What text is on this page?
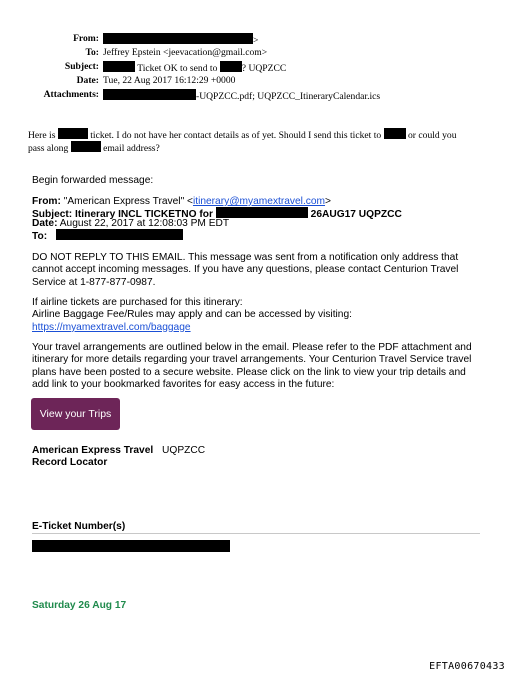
From:	>
To: Jeffrey Epstein <jeevacation@gmail.com>
Subject:	Ticket OK to send to	? UQPZCC
Date: Tue, 22 Aug 2017 16:12:29 +0000
Attachments:	-UQPZCC.pdf; UQPZCC_ItineraryCalendar.ics
Here is	ticket. I do not have her contact details as of yet. Should I send this ticket to	or could you
pass along	email address?
Begin forwarded message:
From: "American Express Travel" <itinerary@myamextravel.com>
Subject: Itinerary INCL TICKETNO for	26AUG17 UQPZCC
Date: August 22, 2017 at 12:08:03 PM EDT
To:
DO NOT REPLY TO THIS EMAIL. This message was sent from a notification only address that cannot accept incoming messages. If you have any questions, please contact Centurion Travel Service at 1-877-877-0987.
If airline tickets are purchased for this itinerary:
Airline Baggage Fee/Rules may apply and can be accessed by visiting:
https://myamextravel.com/baggage
Your travel arrangements are outlined below in the email. Please refer to the PDF attachment and itinerary for more details regarding your travel arrangements. Your Centurion Travel Service travel plans have been posted to a secure website. Please click on the link to view your trip details and add link to your bookmarked favorites for easy access in the future:
View your Trips
American Express Travel UQPZCC
Record Locator
E-Ticket Number(s)
Saturday 26 Aug 17
EFTA00670433
